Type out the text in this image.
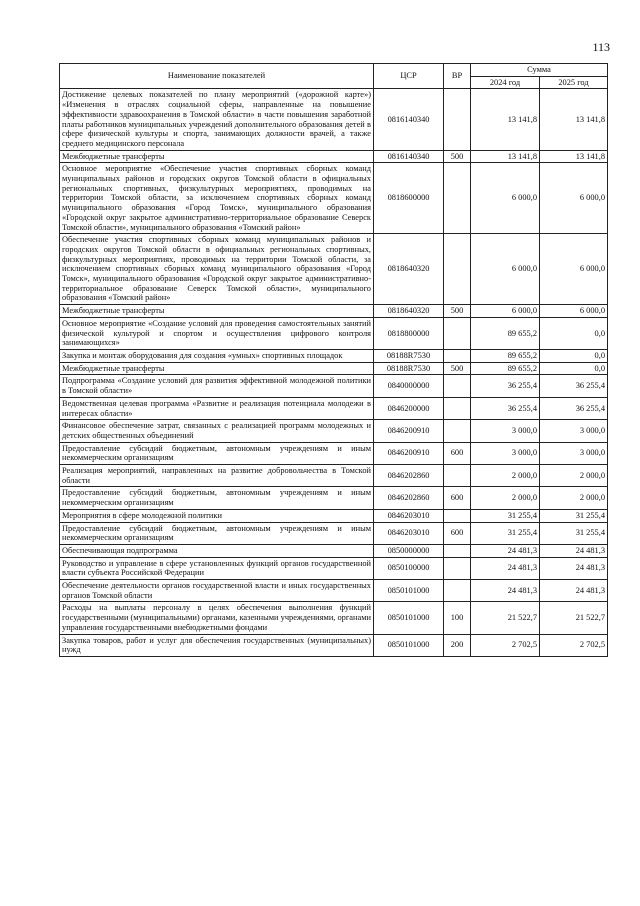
113
Наименование показателей	ЦСР	ВР	Сумма	
			2024 год	2025 год
Достижение целевых показателей по плану мероприятий («дорожной карте») «Изменения в отраслях социальной сферы, направленные на повышение эффективности здравоохранения в Томской области» в части повышения заработной платы работников муниципальных учреждений дополнительного образования детей в сфере физической культуры и спорта, занимающих должности врачей, а также среднего медицинского персонала	0816140340		13 141,8	13 141,8
Межбюджетные трансферты	0816140340	500	13 141,8	13 141,8
Основное мероприятие «Обеспечение участия спортивных сборных команд муниципальных районов и городских округов Томской области в официальных региональных спортивных, физкультурных мероприятиях, проводимых на территории Томской области, за исключением спортивных сборных команд муниципального образования «Город Томск», муниципального образования «Городской округ закрытое административно-территориальное образование Северск Томской области», муниципального образования «Томский район»	0818600000		6 000,0	6 000,0
Обеспечение участия спортивных сборных команд муниципальных районов и городских округов Томской области в официальных региональных спортивных, физкультурных мероприятиях, проводимых на территории Томской области, за исключением спортивных сборных команд муниципального образования «Город Томск», муниципального образования «Городской округ закрытое административно-территориальное образование Северск Томской области», муниципального образования «Томский район»	0818640320		6 000,0	6 000,0
Межбюджетные трансферты	0818640320	500	6 000,0	6 000,0
Основное мероприятие «Создание условий для проведения самостоятельных занятий физической культурой и спортом и осуществления цифрового контроля занимающихся»	0818800000		89 655,2	0,0
Закупка и монтаж оборудования для создания «умных» спортивных площадок	08188R7530		89 655,2	0,0
Межбюджетные трансферты	08188R7530	500	89 655,2	0,0
Подпрограмма «Создание условий для развития эффективной молодежной политики в Томской области»	0840000000		36 255,4	36 255,4
Ведомственная целевая программа «Развитие и реализация потенциала молодежи в интересах области»	0846200000		36 255,4	36 255,4
Финансовое обеспечение затрат, связанных с реализацией программ молодежных и детских общественных объединений	0846200910		3 000,0	3 000,0
Предоставление субсидий бюджетным, автономным учреждениям и иным некоммерческим организациям	0846200910	600	3 000,0	3 000,0
Реализация мероприятий, направленных на развитие добровольчества в Томской области	0846202860		2 000,0	2 000,0
Предоставление субсидий бюджетным, автономным учреждениям и иным некоммерческим организациям	0846202860	600	2 000,0	2 000,0
Мероприятия в сфере молодежной политики	0846203010		31 255,4	31 255,4
Предоставление субсидий бюджетным, автономным учреждениям и иным некоммерческим организациям	0846203010	600	31 255,4	31 255,4
Обеспечивающая подпрограмма	0850000000		24 481,3	24 481,3
Руководство и управление в сфере установленных функций органов государственной власти субъекта Российской Федерации	0850100000		24 481,3	24 481,3
Обеспечение деятельности органов государственной власти и иных государственных органов Томской области	0850101000		24 481,3	24 481,3
Расходы на выплаты персоналу в целях обеспечения выполнения функций государственными (муниципальными) органами, казенными учреждениями, органами управления государственными внебюджетными фондами	0850101000	100	21 522,7	21 522,7
Закупка товаров, работ и услуг для обеспечения государственных (муниципальных) нужд	0850101000	200	2 702,5	2 702,5
